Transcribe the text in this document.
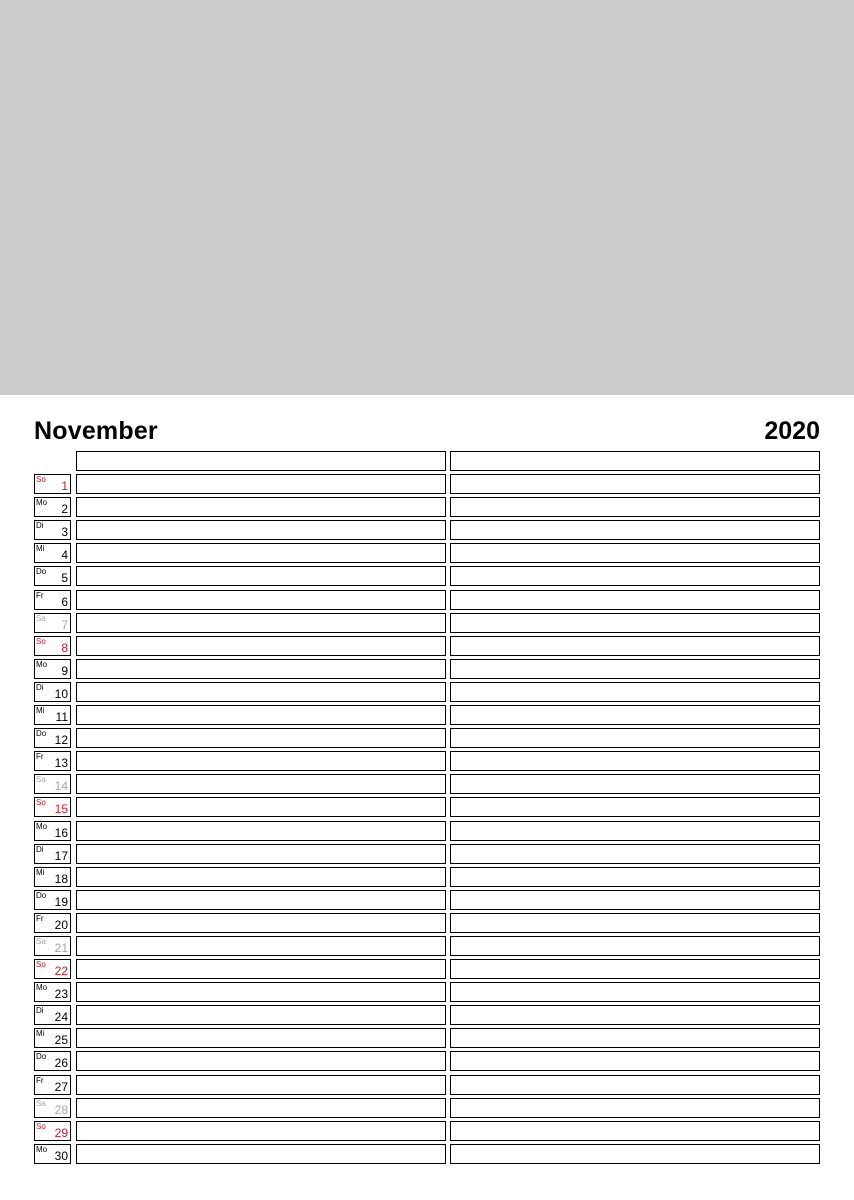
November	2020
So 1
Mo 2
Di 3
Mi 4
Do 5
Fr 6
Sa 7
So 8
Mo 9
Di 10
Mi 11
Do 12
Fr 13
Sa 14
So 15
Mo 16
Di 17
Mi 18
Do 19
Fr 20
Sa 21
So 22
Mo 23
Di 24
Mi 25
Do 26
Fr 27
Sa 28
So 29
Mo 30
